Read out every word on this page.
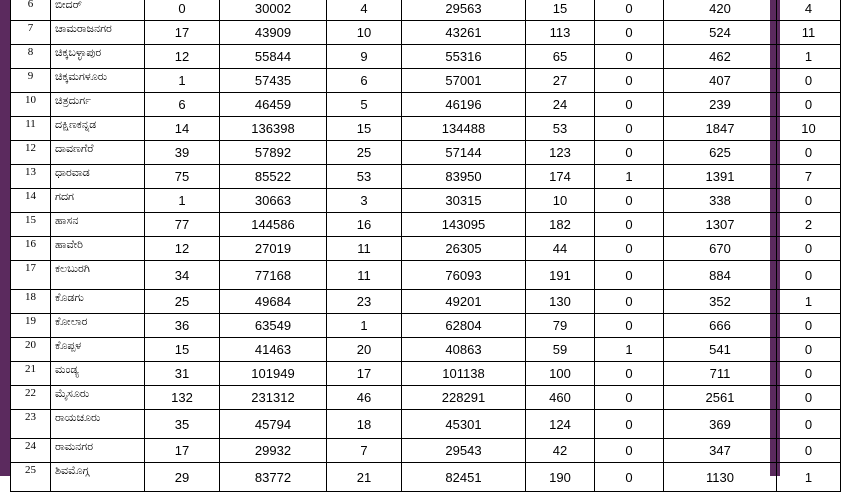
6	ಬೀದರ್	0	30002	4	29563	15	0	420	4
7	ಚಾಮರಾಜನಗರ	17	43909	10	43261	113	0	524	11
8	ಚಿಕ್ಕಬಳ್ಳಾಪುರ	12	55844	9	55316	65	0	462	1
9	ಚಿಕ್ಕಮಗಳೂರು	1	57435	6	57001	27	0	407	0
10	ಚಿತ್ರದುರ್ಗ	6	46459	5	46196	24	0	239	0
11	ದಕ್ಷಿಣಕನ್ನಡ	14	136398	15	134488	53	0	1847	10
12	ದಾವಣಗೆರೆ	39	57892	25	57144	123	0	625	0
13	ಧಾರವಾಡ	75	85522	53	83950	174	1	1391	7
14	ಗದಗ	1	30663	3	30315	10	0	338	0
15	ಹಾಸನ	77	144586	16	143095	182	0	1307	2
16	ಹಾವೇರಿ	12	27019	11	26305	44	0	670	0
17	ಕಲಬುರಗಿ	34	77168	11	76093	191	0	884	0
18	ಕೊಡಗು	25	49684	23	49201	130	0	352	1
19	ಕೋಲಾರ	36	63549	1	62804	79	0	666	0
20	ಕೊಪ್ಪಳ	15	41463	20	40863	59	1	541	0
21	ಮಂಡ್ಯ	31	101949	17	101138	100	0	711	0
22	ಮೈಸೂರು	132	231312	46	228291	460	0	2561	0
23	ರಾಯಚೂರು	35	45794	18	45301	124	0	369	0
24	ರಾಮನಗರ	17	29932	7	29543	42	0	347	0
25	ಶಿವಮೊಗ್ಗ	29	83772	21	82451	190	0	1130	1
